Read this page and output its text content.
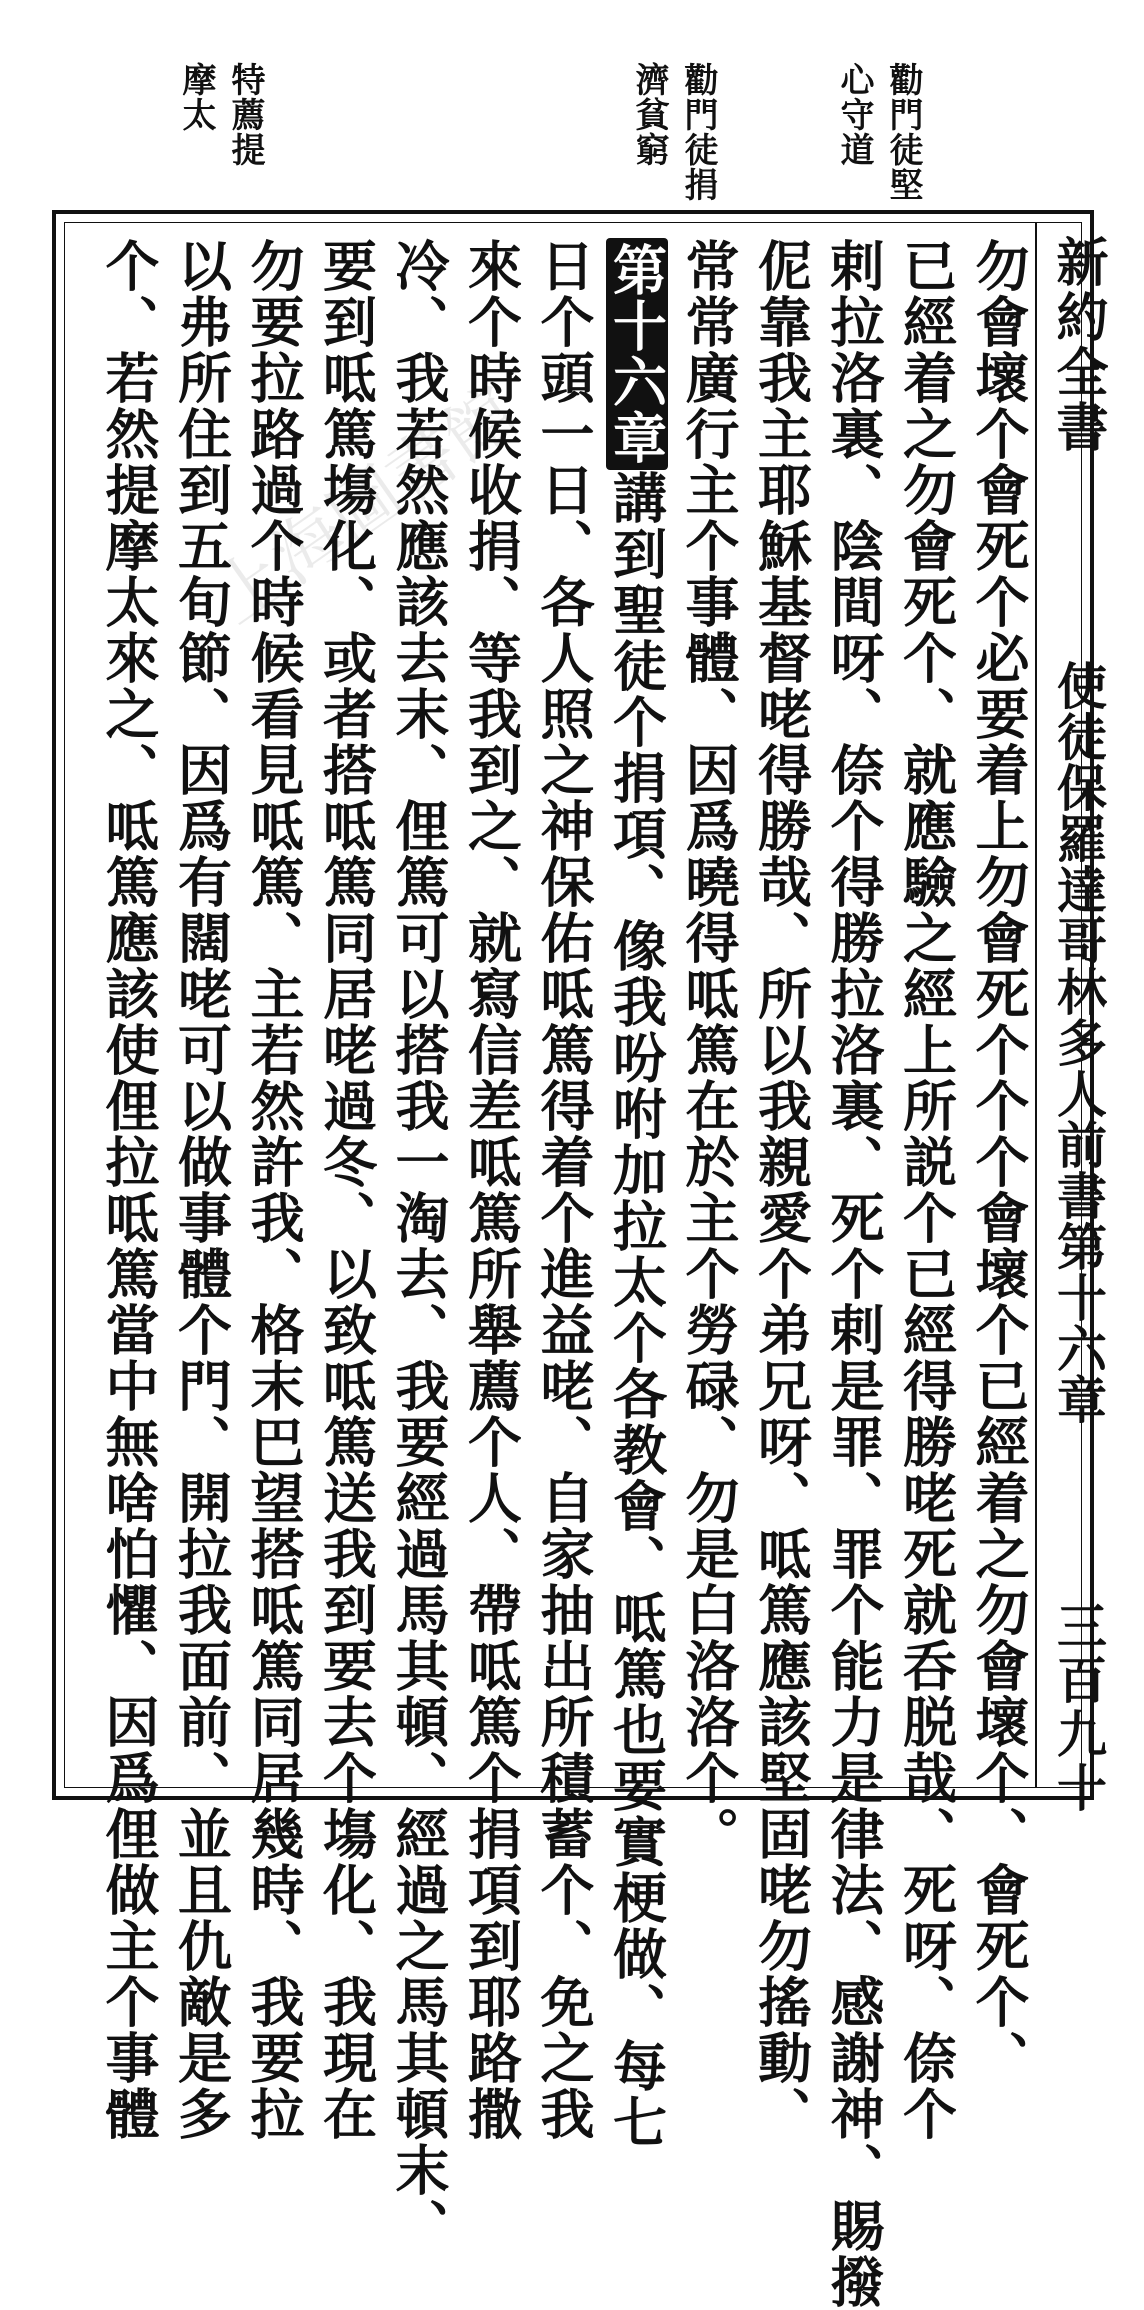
勸門徒堅
心守道
勸門徒捐
濟貧窮
特薦提
摩太
新約全書
使徒保羅達哥林多人前書第十六章
三百九十
勿會壞个會死个必要着上勿會死个个个會壞个已經着之勿會壞个、會死个、
已經着之勿會死个、就應驗之經上所説个已經得勝咾死就呑脱哉、死呀、倷个
剌拉洛裏、陰間呀、倷个得勝拉洛裏、死个剌是罪、罪个能力是律法、感謝神、賜撥
伲靠我主耶穌基督咾得勝哉、所以我親愛个弟兄呀、呧篤應該堅固咾勿搖動、
常常廣行主个事體、因爲曉得呧篤在於主个勞碌、勿是白洛洛个。
第十六章講到聖徒个捐項、像我吩咐加拉太个各教會、呧篤也要實梗做、每七
日个頭一日、各人照之神保佑呧篤得着个進益咾、自家抽出所積蓄个、免之我
來个時候收捐、等我到之、就寫信差呧篤所舉薦个人、帶呧篤个捐項到耶路撒
冷、我若然應該去末、俚篤可以搭我一淘去、我要經過馬其頓、經過之馬其頓末、
要到呧篤塲化、或者搭呧篤同居咾過冬、以致呧篤送我到要去个塲化、我現在
勿要拉路過个時候看見呧篤、主若然許我、格末巴望搭呧篤同居幾時、我要拉
以弗所住到五旬節、因爲有闊咾可以做事體个門、開拉我面前、並且仇敵是多
个、若然提摩太來之、呧篤應該使俚拉呧篤當中無啥怕懼、因爲俚做主个事體 上海圖書館
